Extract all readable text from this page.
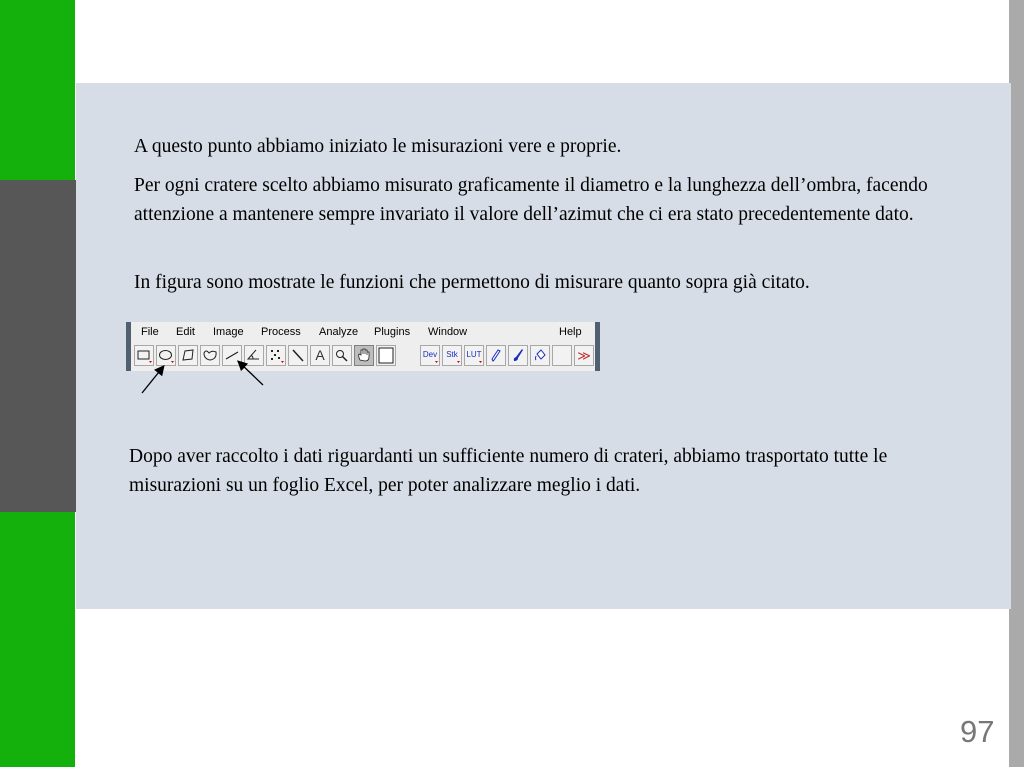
A questo punto abbiamo iniziato le misurazioni vere e proprie.

Per ogni cratere scelto abbiamo misurato graficamente il diametro e la lunghezza dell’ombra, facendo attenzione a mantenere sempre invariato il valore dell’azimut che ci era stato precedentemente dato.

In figura sono mostrate le funzioni che permettono di misurare quanto sopra già citato.

File Edit Image Process Analyze Plugins Window	Help
A	Dev	Stk	LUT	≫

Dopo aver raccolto i dati riguardanti un sufficiente numero di crateri, abbiamo trasportato tutte le misurazioni su un foglio Excel, per poter analizzare meglio i dati.

97
